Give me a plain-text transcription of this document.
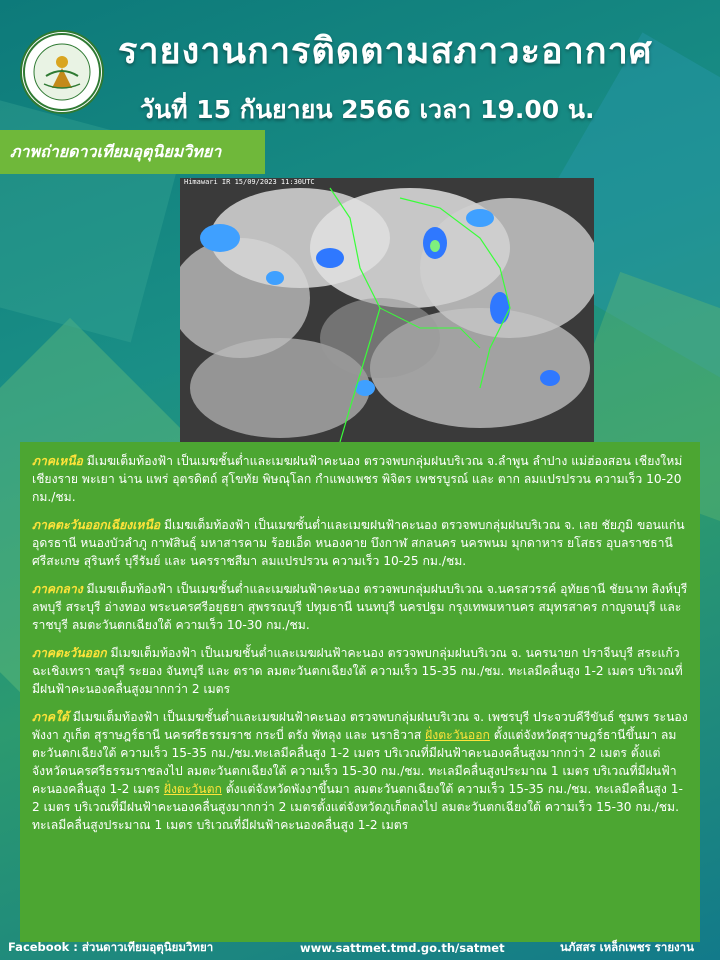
รายงานการติดตามสภาวะอากาศ
วันที่ 15 กันยายน 2566 เวลา 19.00 น.
ภาพถ่ายดาวเทียมอุตุนิยมวิทยา
Himawari IR 15/09/2023 11:30UTC

ภาคเหนือ มีเมฆเต็มท้องฟ้า เป็นเมฆชั้นต่ำและเมฆฝนฟ้าคะนอง ตรวจพบกลุ่มฝนบริเวณ จ.ลำพูน ลำปาง แม่ฮ่องสอน เชียงใหม่ เชียงราย พะเยา น่าน แพร่ อุตรดิตถ์ สุโขทัย พิษณุโลก กำแพงเพชร พิจิตร เพชรบูรณ์ และ ตาก ลมแปรปรวน ความเร็ว 10-20 กม./ชม.

ภาคตะวันออกเฉียงเหนือ มีเมฆเต็มท้องฟ้า เป็นเมฆชั้นต่ำและเมฆฝนฟ้าคะนอง ตรวจพบกลุ่มฝนบริเวณ จ. เลย ชัยภูมิ ขอนแก่น อุดรธานี หนองบัวลำภู กาฬสินธุ์ มหาสารคาม ร้อยเอ็ด หนองคาย บึงกาฬ สกลนคร นครพนม มุกดาหาร ยโสธร อุบลราชธานี ศรีสะเกษ สุรินทร์ บุรีรัมย์ และ นครราชสีมา ลมแปรปรวน ความเร็ว 10-25 กม./ชม.

ภาคกลาง มีเมฆเต็มท้องฟ้า เป็นเมฆชั้นต่ำและเมฆฝนฟ้าคะนอง ตรวจพบกลุ่มฝนบริเวณ จ.นครสวรรค์ อุทัยธานี ชัยนาท สิงห์บุรี ลพบุรี สระบุรี อ่างทอง พระนครศรีอยุธยา สุพรรณบุรี ปทุมธานี นนทบุรี นครปฐม กรุงเทพมหานคร สมุทรสาคร กาญจนบุรี และ ราชบุรี ลมตะวันตกเฉียงใต้ ความเร็ว 10-30 กม./ชม.

ภาคตะวันออก มีเมฆเต็มท้องฟ้า เป็นเมฆชั้นต่ำและเมฆฝนฟ้าคะนอง ตรวจพบกลุ่มฝนบริเวณ จ. นครนายก ปราจีนบุรี สระแก้ว ฉะเชิงเทรา ชลบุรี ระยอง จันทบุรี และ ตราด ลมตะวันตกเฉียงใต้ ความเร็ว 15-35 กม./ชม. ทะเลมีคลื่นสูง 1-2 เมตร บริเวณที่มีฝนฟ้าคะนองคลื่นสูงมากกว่า 2 เมตร

ภาคใต้ มีเมฆเต็มท้องฟ้า เป็นเมฆชั้นต่ำและเมฆฝนฟ้าคะนอง ตรวจพบกลุ่มฝนบริเวณ จ. เพชรบุรี ประจวบคีรีขันธ์ ชุมพร ระนอง พังงา ภูเก็ต สุราษฎร์ธานี นครศรีธรรมราช กระบี่ ตรัง พัทลุง และ นราธิวาส ฝั่งตะวันออก ตั้งแต่จังหวัดสุราษฎร์ธานีขึ้นมา ลมตะวันตกเฉียงใต้ ความเร็ว 15-35 กม./ชม.ทะเลมีคลื่นสูง 1-2 เมตร บริเวณที่มีฝนฟ้าคะนองคลื่นสูงมากกว่า 2 เมตร ตั้งแต่จังหวัดนครศรีธรรมราชลงไป ลมตะวันตกเฉียงใต้ ความเร็ว 15-30 กม./ชม. ทะเลมีคลื่นสูงประมาณ 1 เมตร บริเวณที่มีฝนฟ้าคะนองคลื่นสูง 1-2 เมตร ฝั่งตะวันตก ตั้งแต่จังหวัดพังงาขึ้นมา ลมตะวันตกเฉียงใต้ ความเร็ว 15-35 กม./ชม. ทะเลมีคลื่นสูง 1-2 เมตร บริเวณที่มีฝนฟ้าคะนองคลื่นสูงมากกว่า 2 เมตรตั้งแต่จังหวัดภูเก็ตลงไป ลมตะวันตกเฉียงใต้ ความเร็ว 15-30 กม./ชม. ทะเลมีคลื่นสูงประมาณ 1 เมตร บริเวณที่มีฝนฟ้าคะนองคลื่นสูง 1-2 เมตร

Facebook : ส่วนดาวเทียมอุตุนิยมวิทยา	www.sattmet.tmd.go.th/satmet	นภัสสร เหล็กเพชร รายงาน
